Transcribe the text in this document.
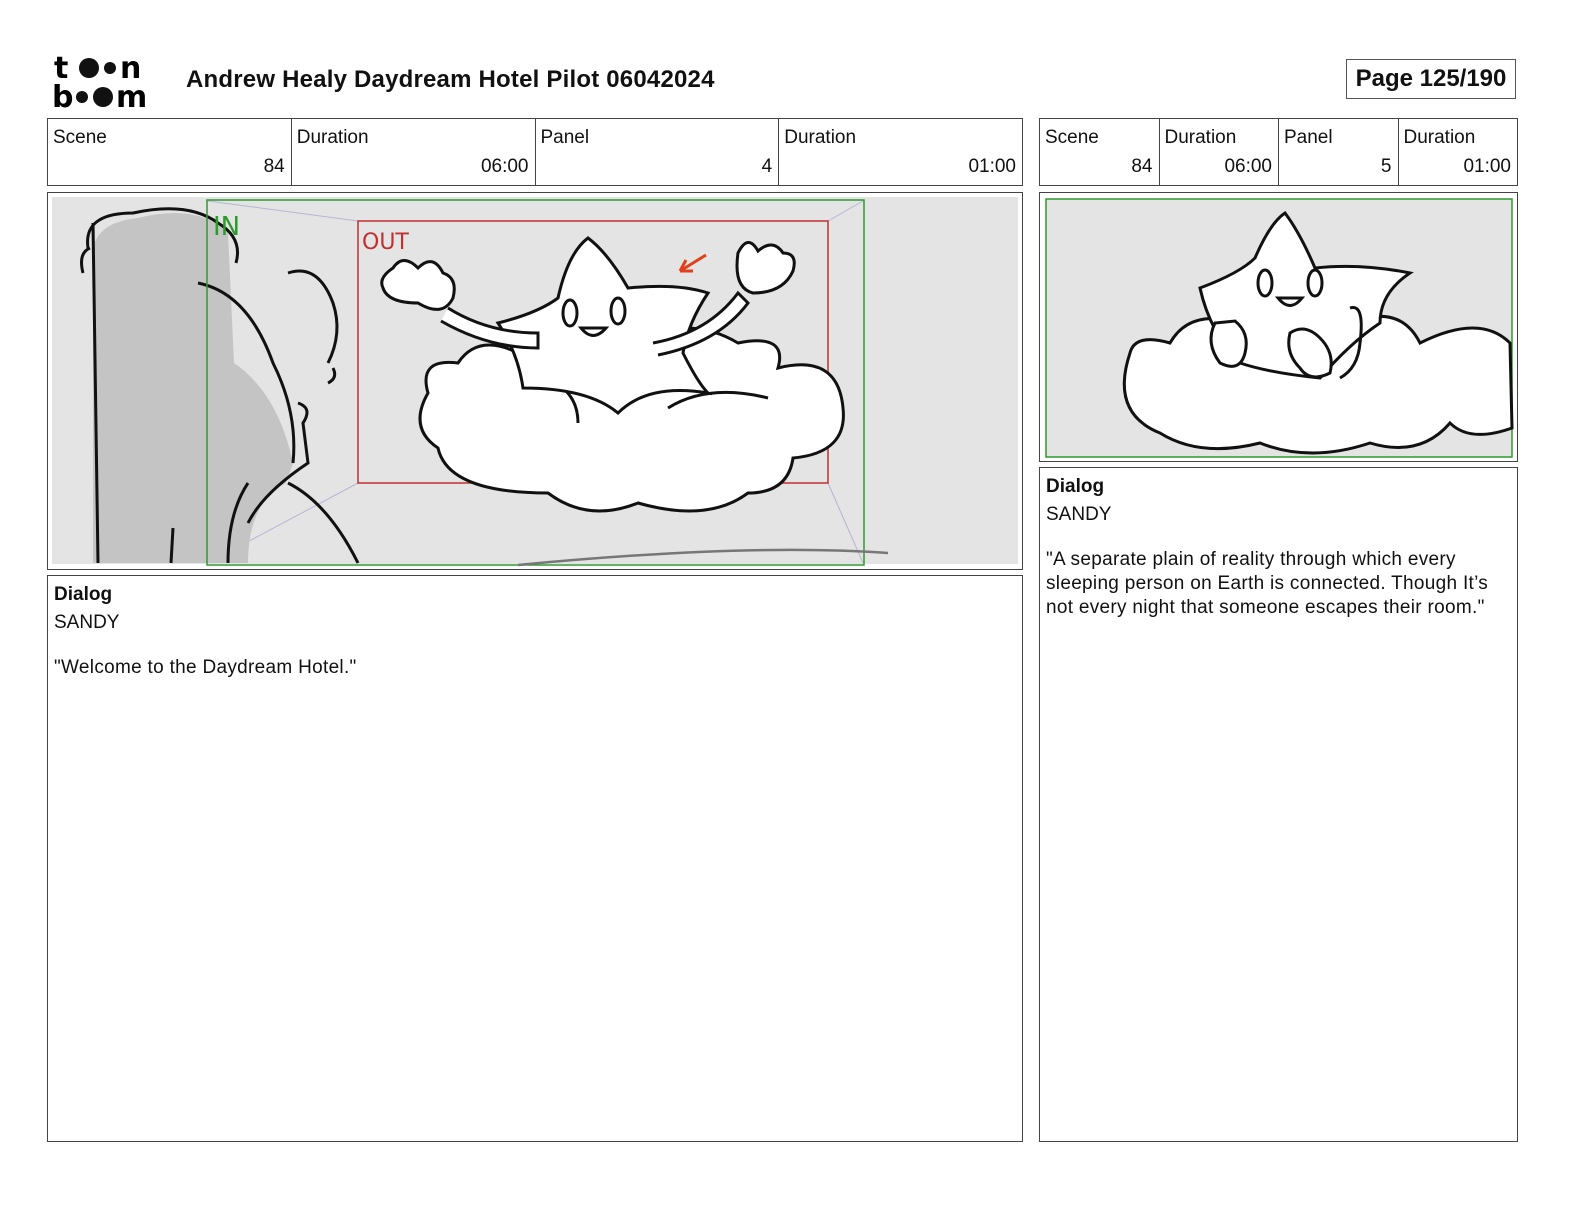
t n
b m
Andrew Healy Daydream Hotel Pilot 06042024	Page 125/190
Scene
84
Duration
06:00
Panel
4
Duration
01:00
Scene
84
Duration
06:00
Panel
5
Duration
01:00
IN
OUT
Dialog
SANDY
"Welcome to the Daydream Hotel."
Dialog
SANDY
"A separate plain of reality through which every sleeping person on Earth is connected. Though It’s not every night that someone escapes their room."
